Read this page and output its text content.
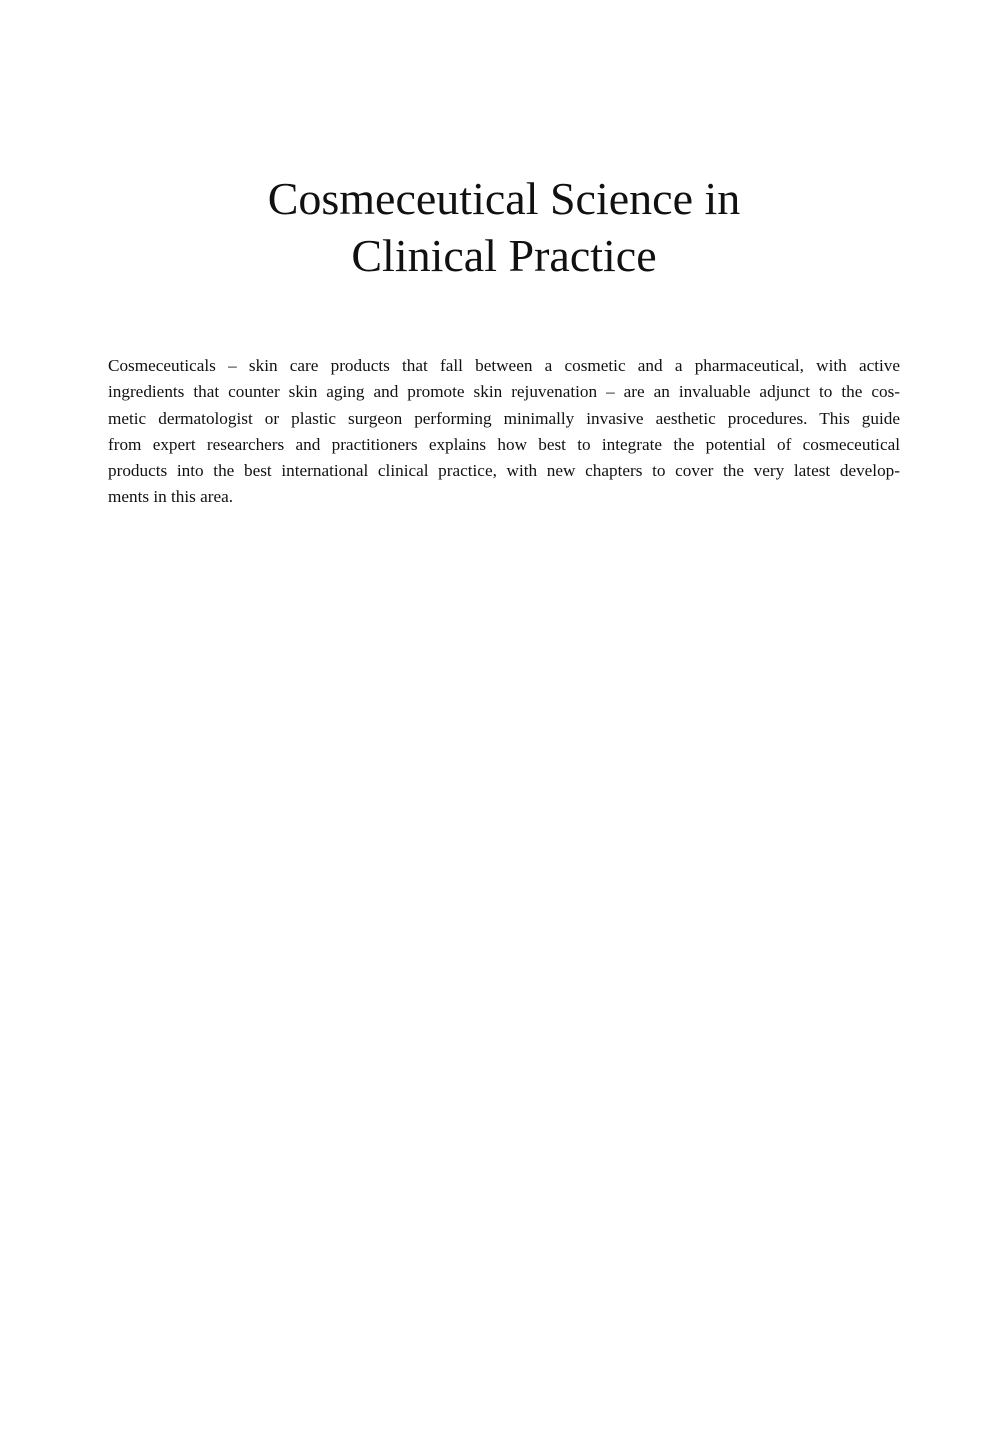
Cosmeceutical Science in
Clinical Practice
Cosmeceuticals – skin care products that fall between a cosmetic and a pharmaceutical, with active
ingredients that counter skin aging and promote skin rejuvenation – are an invaluable adjunct to the cos-
metic dermatologist or plastic surgeon performing minimally invasive aesthetic procedures. This guide
from expert researchers and practitioners explains how best to integrate the potential of cosmeceutical
products into the best international clinical practice, with new chapters to cover the very latest develop-
ments in this area.
